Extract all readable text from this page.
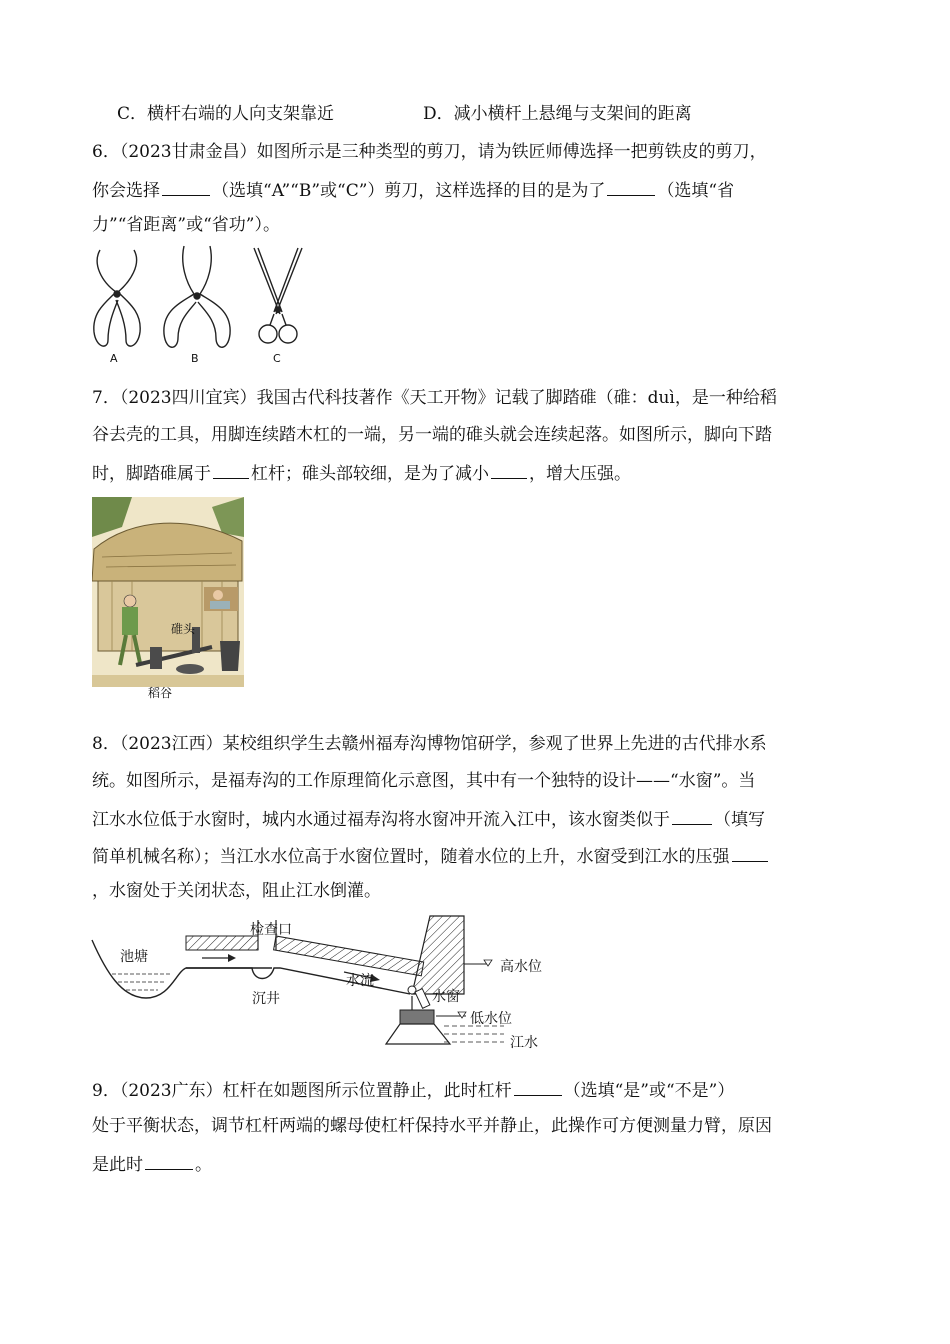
C．横杆右端的人向支架靠近	D．减小横杆上悬绳与支架间的距离
6．（2023甘肃金昌）如图所示是三种类型的剪刀，请为铁匠师傅选择一把剪铁皮的剪刀，
你会选择	（选填“A”“B”或“C”）剪刀，这样选择的目的是为了	（选填“省
力”“省距离”或“省功”）。
A	B	C
7．（2023四川宜宾）我国古代科技著作《天工开物》记载了脚踏碓（碓：duì，是一种给稻
谷去壳的工具，用脚连续踏木杠的一端，另一端的碓头就会连续起落。如图所示，脚向下踏
时，脚踏碓属于 杠杆；碓头部较细，是为了减小 ，增大压强。
碓头
稻谷
8．（2023江西）某校组织学生去赣州福寿沟博物馆研学，参观了世界上先进的古代排水系
统。如图所示，是福寿沟的工作原理简化示意图，其中有一个独特的设计——“水窗”。当
江水水位低于水窗时，城内水通过福寿沟将水窗冲开流入江中，该水窗类似于	（填写
简单机械名称）；当江水水位高于水窗位置时，随着水位的上升，水窗受到江水的压强
，水窗处于关闭状态，阻止江水倒灌。
池塘
检查口
沉井
水流
高水位
水窗
低水位
江水
9．（2023广东）杠杆在如题图所示位置静止，此时杠杆	（选填“是”或“不是”）
处于平衡状态，调节杠杆两端的螺母使杠杆保持水平并静止，此操作可方便测量力臂，原因
是此时	。
